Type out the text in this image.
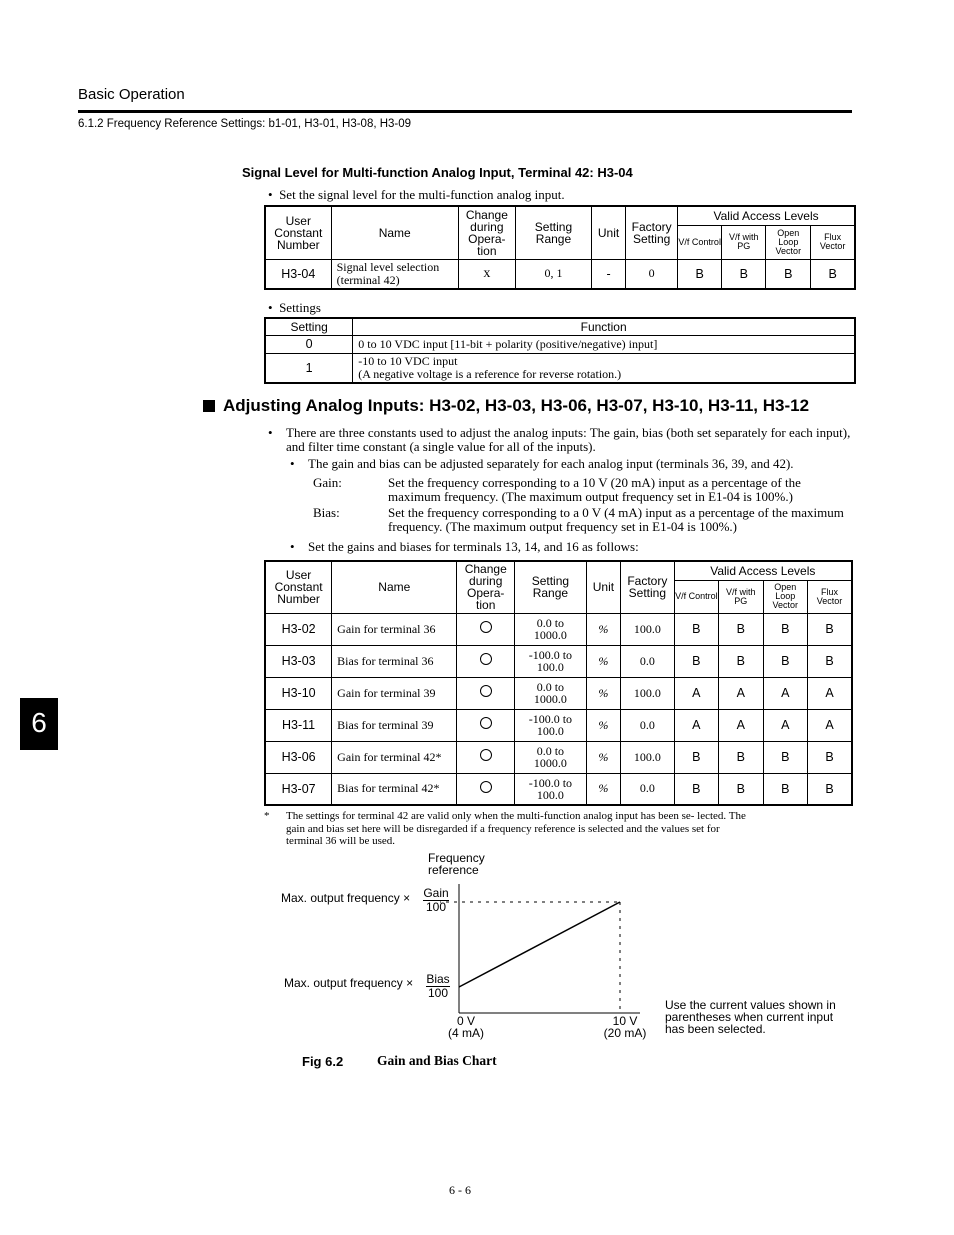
Basic Operation
6.1.2 Frequency Reference Settings: b1-01, H3-01, H3-08, H3-09
Signal Level for Multi-function Analog Input, Terminal 42: H3-04
•  Set the signal level for the multi-function analog input.
User Constant Number	Name	Change during Opera- tion	Setting Range	Unit	Factory Setting	Valid Access Levels			
						V/f Control	V/f with PG	Open Loop Vector	Flux Vector
H3-04	Signal level selection (terminal 42)	x	0, 1	-	0	B	B	B	B
•  Settings
Setting	Function
0	0 to 10 VDC input [11-bit + polarity (positive/negative) input]
1	-10 to 10 VDC input
(A negative voltage is a reference for reverse rotation.)
Adjusting Analog Inputs: H3-02, H3-03, H3-06, H3-07, H3-10, H3-11, H3-12
• There are three constants used to adjust the analog inputs: The gain, bias (both set separately for each input), and filter time constant (a single value for all of the inputs).
• The gain and bias can be adjusted separately for each analog input (terminals 36, 39, and 42).
Gain:	Set the frequency corresponding to a 10 V (20 mA) input as a percentage of the maximum frequency. (The maximum output frequency set in E1-04 is 100%.)
Bias:	Set the frequency corresponding to a 0 V (4 mA) input as a percentage of the maximum frequency. (The maximum output frequency set in E1-04 is 100%.)
• Set the gains and biases for terminals 13, 14, and 16 as follows:
User Constant Number	Name	Change during Opera- tion	Setting Range	Unit	Factory Setting	Valid Access Levels			
						V/f Control	V/f with PG	Open Loop Vector	Flux Vector
H3-02	Gain for terminal 36		0.0 to
1000.0	%	100.0	B	B	B	B
H3-03	Bias for terminal 36		-100.0 to
100.0	%	0.0	B	B	B	B
H3-10	Gain for terminal 39		0.0 to
1000.0	%	100.0	A	A	A	A
H3-11	Bias for terminal 39		-100.0 to
100.0	%	0.0	A	A	A	A
H3-06	Gain for terminal 42*		0.0 to
1000.0	%	100.0	B	B	B	B
H3-07	Bias for terminal 42*		-100.0 to
100.0	%	0.0	B	B	B	B
* The settings for terminal 42 are valid only when the multi-function analog input has been se- lected. The gain and bias set here will be disregarded if a frequency reference is selected and the values set for terminal 36 will be used.
Frequency
reference
Max. output frequency × Gain
100
Max. output frequency × Bias
100
0 V
(4 mA)
10 V
(20 mA)
Use the current values shown in parentheses when current input has been selected.
Fig 6.2	Gain and Bias Chart
6
6 - 6
